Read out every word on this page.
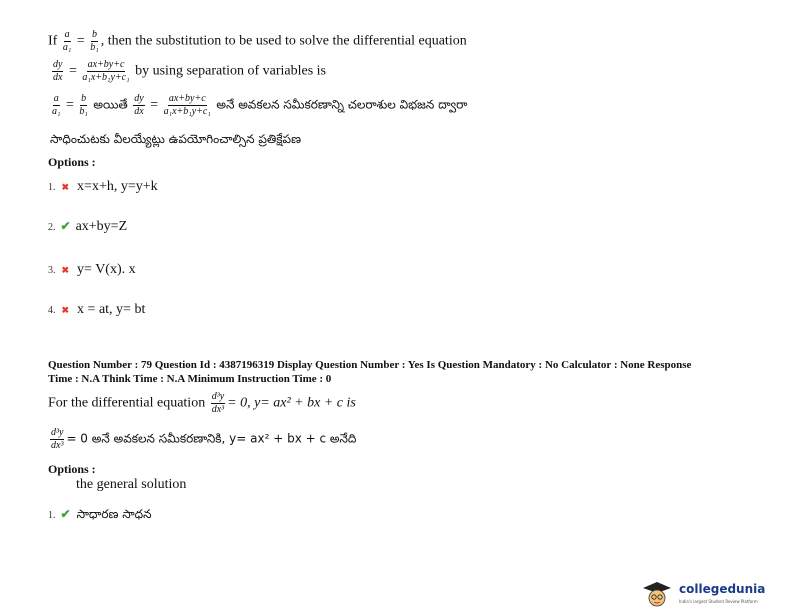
If $\frac{a}{\text{a₁}} = \frac{b}{\text{b₁}}$ , then the substitution to be used to solve the differential equation
$\frac{dy}{dx} = \frac{ax+by+c}{\text{a₁x+b₁y+c₁}}$ by using separation of variables is
$\frac{a}{\text{a₁}} = \frac{b}{\text{b₁}}$ అయితే $\frac{dy}{dx} = \frac{ax+by+c}{\text{a₁x+b₁y+c₁}}$ అనే అవకలన సమీకరణాన్ని చలరాశుల విభజన ద్వారా
సాధించుటకు వీలయ్యేట్లు ఉపయోగించాల్సిన ప్రతిక్షేపణ
Options :
1. ✖ x=x+h, y=y+k
2. ✔ ax+by=Z
3. ✖ y= V(x). x
4. ✖ x = at, y= bt
Question Number : 79 Question Id : 4387196319 Display Question Number : Yes Is Question Mandatory : No Calculator : None Response
Time : N.A Think Time : N.A Minimum Instruction Time : 0
For the differential equation $\frac{\text{d³y}}{\text{dx³}} = 0$, y= ax² + bx + c is
$\frac{\text{d³y}}{\text{dx³}} = 0$ అనే అవకలన సమీకరణానికి, y= ax² + bx + c అనేది
Options :
the general solution
1. ✔ సాధారణ సాధన
collegedunia
India's largest Student Review Platform
